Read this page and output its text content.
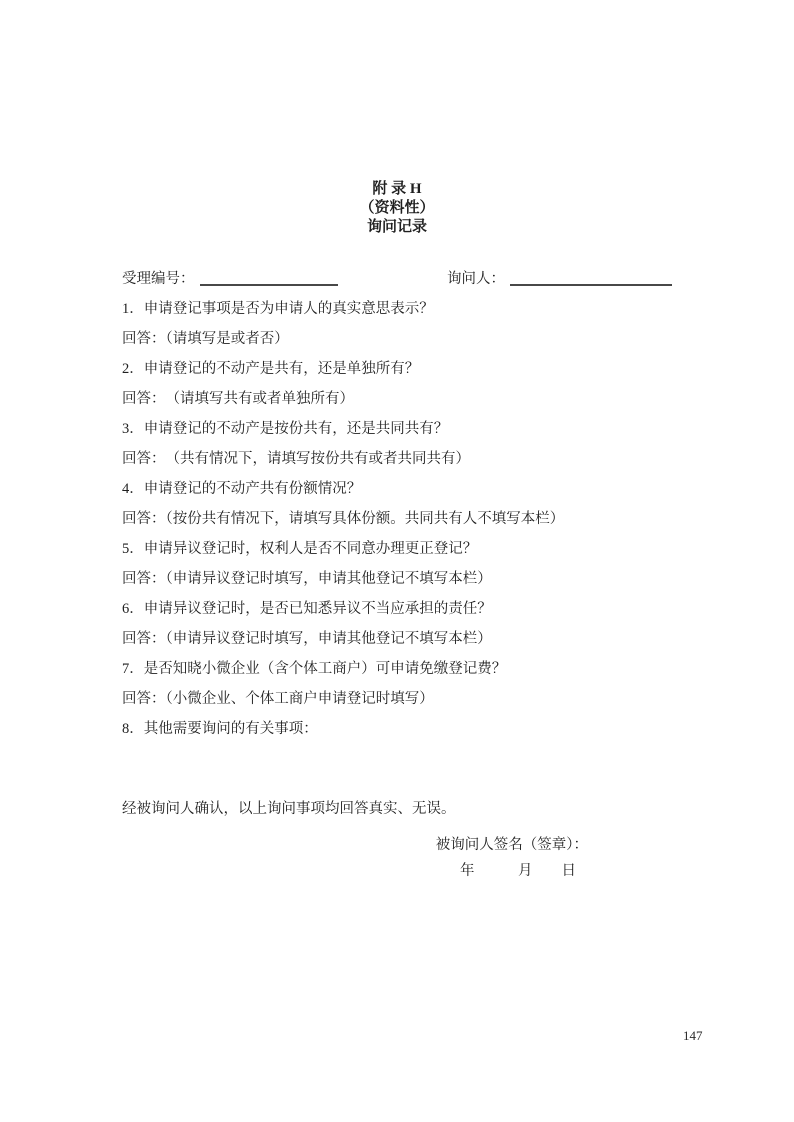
附 录 H
（资料性）
询问记录
受理编号：	询问人：
1．申请登记事项是否为申请人的真实意思表示？
回答：（请填写是或者否）
2．申请登记的不动产是共有，还是单独所有？
回答：　（请填写共有或者单独所有）
3．申请登记的不动产是按份共有，还是共同共有？
回答：　（共有情况下，请填写按份共有或者共同共有）
4．申请登记的不动产共有份额情况？
回答：（按份共有情况下，请填写具体份额。共同共有人不填写本栏）
5．申请异议登记时，权利人是否不同意办理更正登记？
回答：（申请异议登记时填写，申请其他登记不填写本栏）
6．申请异议登记时，是否已知悉异议不当应承担的责任？
回答：（申请异议登记时填写，申请其他登记不填写本栏）
7．是否知晓小微企业（含个体工商户）可申请免缴登记费？
回答：（小微企业、个体工商户申请登记时填写）
8．其他需要询问的有关事项：

经被询问人确认，以上询问事项均回答真实、无误。

被询问人签名（签章）：
年　　　月　　日
147
